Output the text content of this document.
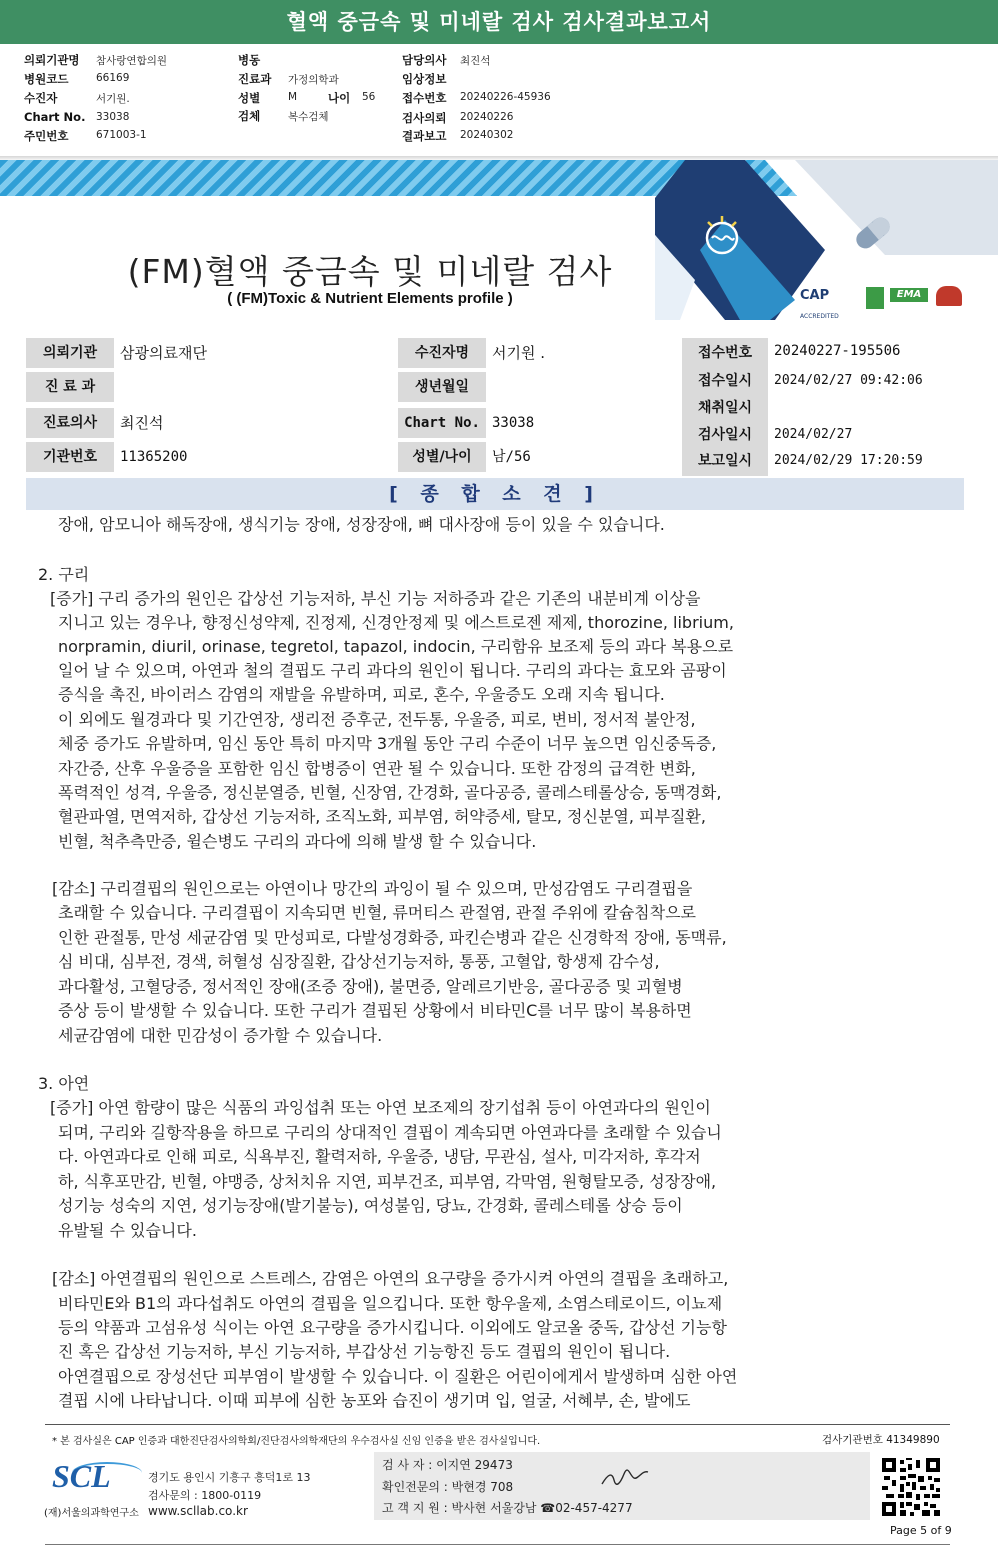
혈액 중금속 및 미네랄 검사 검사결과보고서
의뢰기관명 참사랑연합의원
병원코드	66169
수진자	서기원.
Chart No. 33038
주민번호	671003-1
병동
진료과 가정의학과
성별	M	나이 56
검체	복수검체
담당의사 최진석
임상정보
접수번호 20240226-45936
검사의뢰 20240226
결과보고 20240302
CAP
ACCREDITED
EMA
(FM)혈액 중금속 및 미네랄 검사
( (FM)Toxic & Nutrient Elements profile )
의뢰기관	삼광의료재단
진 료 과
진료의사	최진석
기관번호	11365200
수진자명	서기원 .
생년월일
Chart No. 33038
성별/나이	남/56
접수번호	20240227-195506
접수일시	2024/02/27 09:42:06
채취일시
검사일시	2024/02/27
보고일시	2024/02/29 17:20:59
[ 종 합 소 견 ]
장애, 암모니아 해독장애, 생식기능 장애, 성장장애, 뼈 대사장애 등이 있을 수 있습니다.
2. 구리
[증가] 구리 증가의 원인은 갑상선 기능저하, 부신 기능 저하증과 같은 기존의 내분비계 이상을
지니고 있는 경우나, 향정신성약제, 진정제, 신경안정제 및 에스트로젠 제제, thorozine, librium,
norpramin, diuril, orinase, tegretol, tapazol, indocin, 구리함유 보조제 등의 과다 복용으로
일어 날 수 있으며, 아연과 철의 결핍도 구리 과다의 원인이 됩니다. 구리의 과다는 효모와 곰팡이
증식을 촉진, 바이러스 감염의 재발을 유발하며, 피로, 혼수, 우울증도 오래 지속 됩니다.
이 외에도 월경과다 및 기간연장, 생리전 증후군, 전두통, 우울증, 피로, 변비, 정서적 불안정,
체중 증가도 유발하며, 임신 동안 특히 마지막 3개월 동안 구리 수준이 너무 높으면 임신중독증,
자간증, 산후 우울증을 포함한 임신 합병증이 연관 될 수 있습니다. 또한 감정의 급격한 변화,
폭력적인 성격, 우울증, 정신분열증, 빈혈, 신장염, 간경화, 골다공증, 콜레스테롤상승, 동맥경화,
혈관파열, 면역저하, 갑상선 기능저하, 조직노화, 피부염, 허약증세, 탈모, 정신분열, 피부질환,
빈혈, 척추측만증, 윌슨병도 구리의 과다에 의해 발생 할 수 있습니다.
[감소] 구리결핍의 원인으로는 아연이나 망간의 과잉이 될 수 있으며, 만성감염도 구리결핍을
초래할 수 있습니다. 구리결핍이 지속되면 빈혈, 류머티스 관절염, 관절 주위에 칼슘침착으로
인한 관절통, 만성 세균감염 및 만성피로, 다발성경화증, 파킨슨병과 같은 신경학적 장애, 동맥류,
심 비대, 심부전, 경색, 허혈성 심장질환, 갑상선기능저하, 통풍, 고혈압, 항생제 감수성,
과다활성, 고혈당증, 정서적인 장애(조증 장애), 불면증, 알레르기반응, 골다공증 및 괴혈병
증상 등이 발생할 수 있습니다. 또한 구리가 결핍된 상황에서 비타민C를 너무 많이 복용하면
세균감염에 대한 민감성이 증가할 수 있습니다.
3. 아연
[증가] 아연 함량이 많은 식품의 과잉섭취 또는 아연 보조제의 장기섭취 등이 아연과다의 원인이
되며, 구리와 길항작용을 하므로 구리의 상대적인 결핍이 계속되면 아연과다를 초래할 수 있습니
다. 아연과다로 인해 피로, 식욕부진, 활력저하, 우울증, 냉담, 무관심, 설사, 미각저하, 후각저
하, 식후포만감, 빈혈, 야맹증, 상처치유 지연, 피부건조, 피부염, 각막염, 원형탈모증, 성장장애,
성기능 성숙의 지연, 성기능장애(발기불능), 여성불임, 당뇨, 간경화, 콜레스테롤 상승 등이
유발될 수 있습니다.
[감소] 아연결핍의 원인으로 스트레스, 감염은 아연의 요구량을 증가시켜 아연의 결핍을 초래하고,
비타민E와 B1의 과다섭취도 아연의 결핍을 일으킵니다. 또한 항우울제, 소염스테로이드, 이뇨제
등의 약품과 고섬유성 식이는 아연 요구량을 증가시킵니다. 이외에도 알코올 중독, 갑상선 기능항
진 혹은 갑상선 기능저하, 부신 기능저하, 부갑상선 기능항진 등도 결핍의 원인이 됩니다.
아연결핍으로 장성선단 피부염이 발생할 수 있습니다. 이 질환은 어린이에게서 발생하며 심한 아연
결핍 시에 나타납니다. 이때 피부에 심한 농포와 습진이 생기며 입, 얼굴, 서혜부, 손, 발에도
* 본 검사실은 CAP 인증과 대한진단검사의학회/진단검사의학재단의 우수검사실 신임 인증을 받은 검사실입니다.	검사기관번호 41349890
SCL
(재)서울의과학연구소
경기도 용인시 기흥구 흥덕1로 13
검사문의 : 1800-0119
www.scllab.co.kr
검 사 자 : 이지연 29473
확인전문의 : 박현경 708
고 객 지 원 : 박사현 서울강남 ☎02-457-4277
Page 5 of 9
